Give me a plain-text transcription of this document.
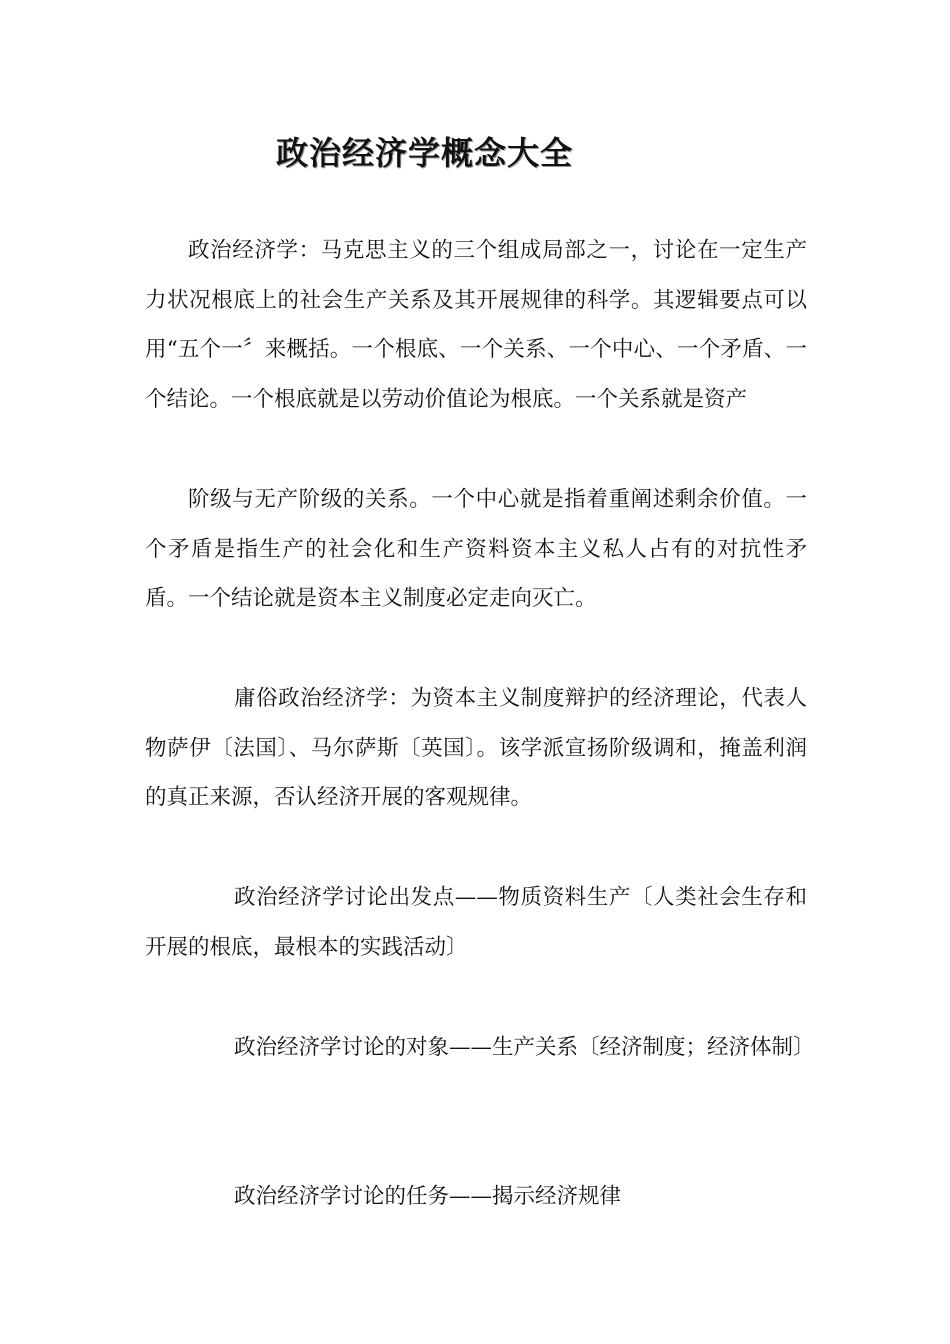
政治经济学概念大全

政治经济学：马克思主义的三个组成局部之一，讨论在一定生产力状况根底上的社会生产关系及其开展规律的科学。其逻辑要点可以用“五个一〞来概括。一个根底、一个关系、一个中心、一个矛盾、一个结论。一个根底就是以劳动价值论为根底。一个关系就是资产

阶级与无产阶级的关系。一个中心就是指着重阐述剩余价值。一个矛盾是指生产的社会化和生产资料资本主义私人占有的对抗性矛盾。一个结论就是资本主义制度必定走向灭亡。

庸俗政治经济学：为资本主义制度辩护的经济理论，代表人物萨伊〔法国〕、马尔萨斯〔英国〕。该学派宣扬阶级调和，掩盖利润的真正来源，否认经济开展的客观规律。

政治经济学讨论出发点——物质资料生产〔人类社会生存和开展的根底，最根本的实践活动〕

政治经济学讨论的对象——生产关系〔经济制度；经济体制〕

政治经济学讨论的任务——揭示经济规律
